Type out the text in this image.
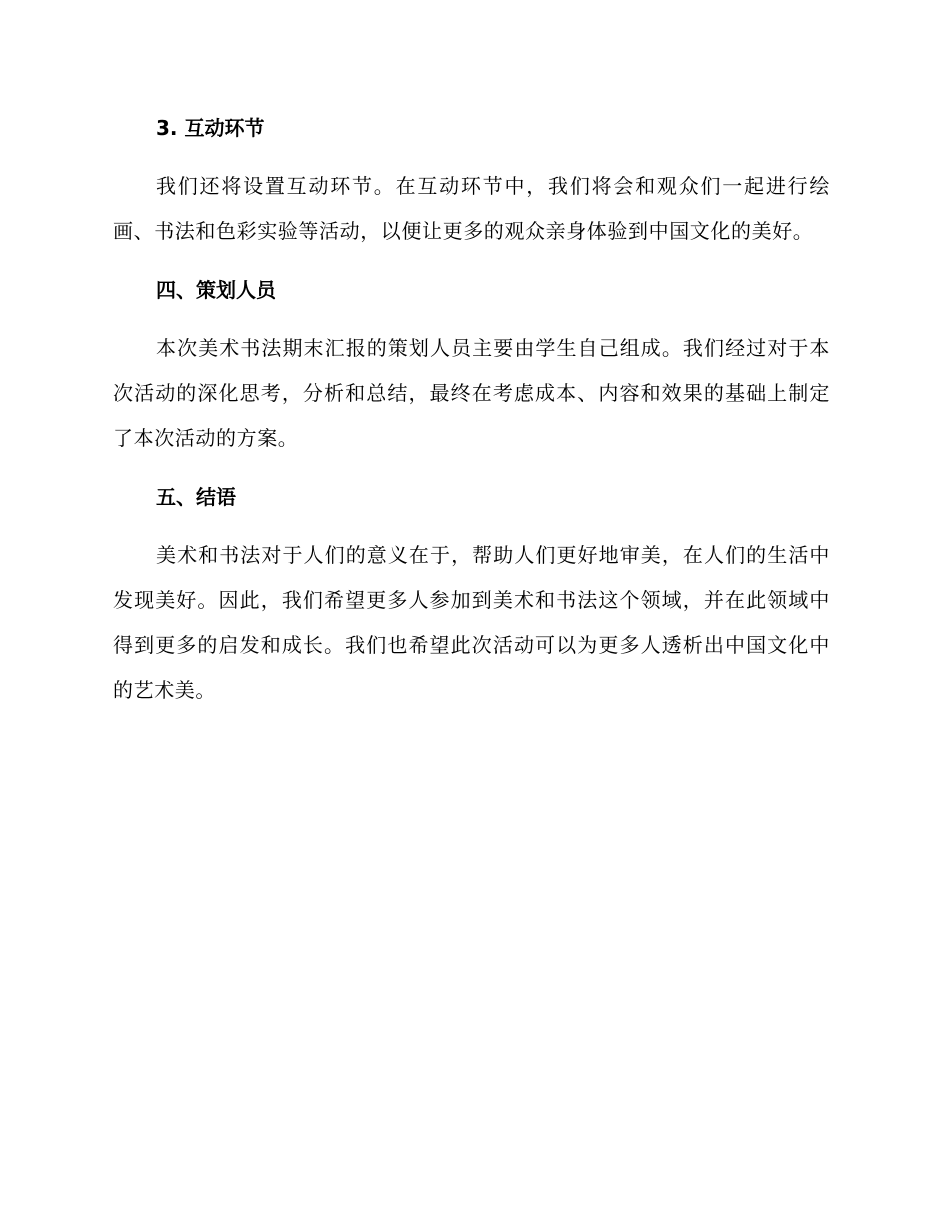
3. 互动环节

我们还将设置互动环节。在互动环节中，我们将会和观众们一起进行绘画、书法和色彩实验等活动，以便让更多的观众亲身体验到中国文化的美好。

四、策划人员

本次美术书法期末汇报的策划人员主要由学生自己组成。我们经过对于本次活动的深化思考，分析和总结，最终在考虑成本、内容和效果的基础上制定了本次活动的方案。

五、结语

美术和书法对于人们的意义在于，帮助人们更好地审美，在人们的生活中发现美好。因此，我们希望更多人参加到美术和书法这个领域，并在此领域中得到更多的启发和成长。我们也希望此次活动可以为更多人透析出中国文化中的艺术美。
